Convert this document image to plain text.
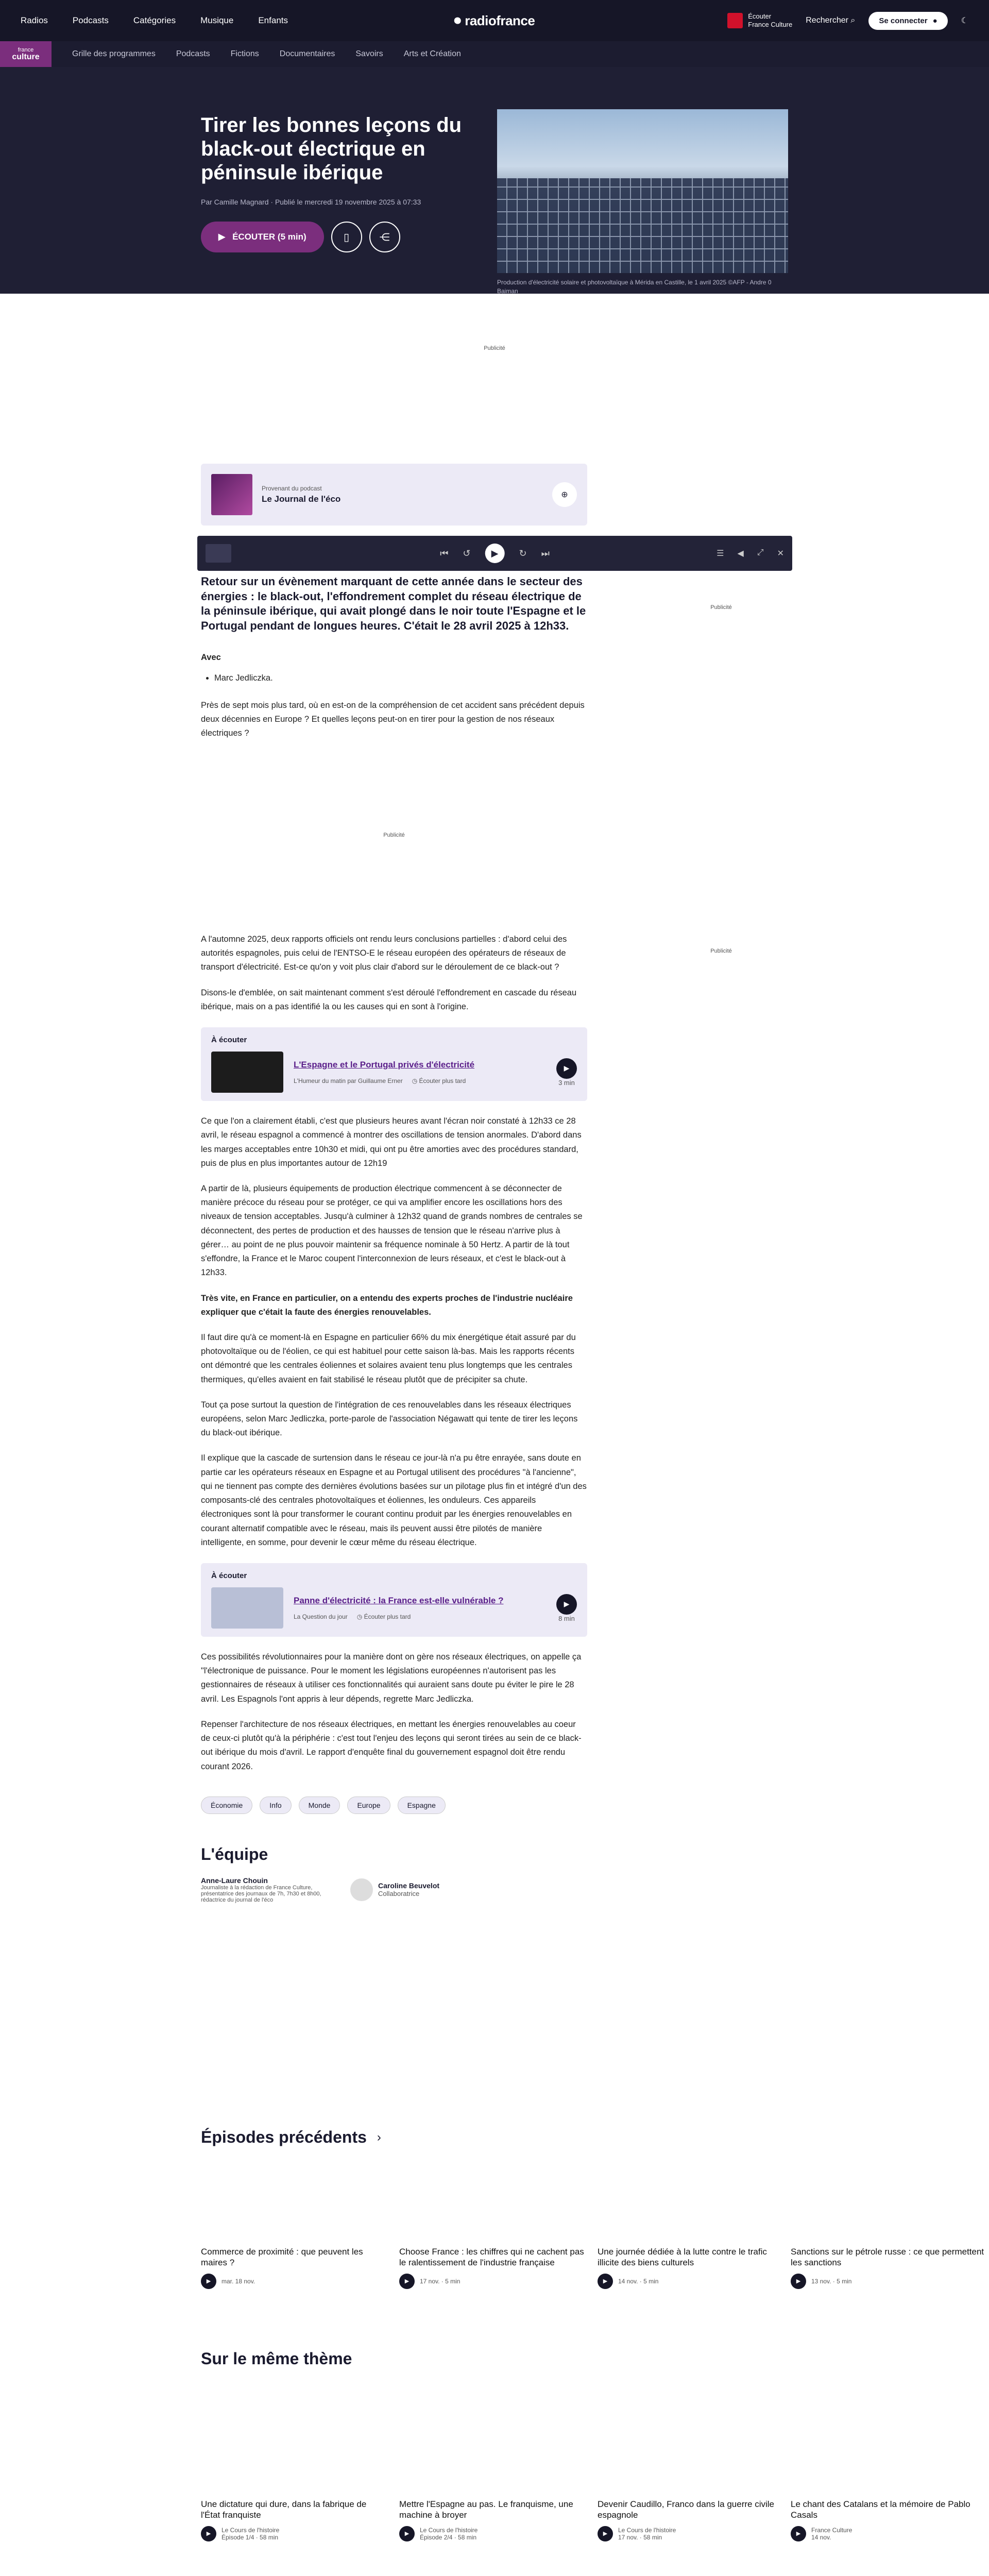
Radios	Podcasts	Catégories	Musique	Enfants	⏺ radiofrance	Écouter
France Culture Rechercher ⌕	Se connecter ●	☾
france
culture	Grille des programmes	Podcasts	Fictions	Documentaires	Savoirs	Arts et Création
Tirer les bonnes leçons du black-out électrique en péninsule ibérique
Par Camille Magnard · Publié le mercredi 19 novembre 2025 à 07:33
▶ ÉCOUTER (5 min)	▯	⋲
Production d'électricité solaire et photovoltaïque à Mérida en Castille, le 1 avril 2025 ©AFP - Andre 0 Baiman
Publicité
Provenant du podcast
Le Journal de l'éco	⊕
⏮ ↺	▶	↻ ⏭	☰ ◀ ⤢ ✕
Retour sur un évènement marquant de cette année dans le secteur des énergies : le black-out, l'effondrement complet du réseau électrique de la péninsule ibérique, qui avait plongé dans le noir toute l'Espagne et le Portugal pendant de longues heures. C'était le 28 avril 2025 à 12h33.
Avec
• Marc Jedliczka.
Près de sept mois plus tard, où en est-on de la compréhension de cet accident sans précédent depuis deux décennies en Europe ? Et quelles leçons peut-on en tirer pour la gestion de nos réseaux électriques ?
Publicité
Publicité
Publicité
A l'automne 2025, deux rapports officiels ont rendu leurs conclusions partielles : d'abord celui des autorités espagnoles, puis celui de l'ENTSO-E le réseau européen des opérateurs de réseaux de transport d'électricité. Est-ce qu'on y voit plus clair d'abord sur le déroulement de ce black-out ?
Disons-le d'emblée, on sait maintenant comment s'est déroulé l'effondrement en cascade du réseau ibérique, mais on a pas identifié la ou les causes qui en sont à l'origine.
À écouter
L'Espagne et le Portugal privés d'électricité
L'Humeur du matin par Guillaume Erner ◷ Écouter plus tard
▶
3 min
Ce que l'on a clairement établi, c'est que plusieurs heures avant l'écran noir constaté à 12h33 ce 28 avril, le réseau espagnol a commencé à montrer des oscillations de tension anormales. D'abord dans les marges acceptables entre 10h30 et midi, qui ont pu être amorties avec des procédures standard, puis de plus en plus importantes autour de 12h19
A partir de là, plusieurs équipements de production électrique commencent à se déconnecter de manière précoce du réseau pour se protéger, ce qui va amplifier encore les oscillations hors des niveaux de tension acceptables. Jusqu'à culminer à 12h32 quand de grands nombres de centrales se déconnectent, des pertes de production et des hausses de tension que le réseau n'arrive plus à gérer… au point de ne plus pouvoir maintenir sa fréquence nominale à 50 Hertz. A partir de là tout s'effondre, la France et le Maroc coupent l'interconnexion de leurs réseaux, et c'est le black-out à 12h33.
Très vite, en France en particulier, on a entendu des experts proches de l'industrie nucléaire expliquer que c'était la faute des énergies renouvelables.
Il faut dire qu'à ce moment-là en Espagne en particulier 66% du mix énergétique était assuré par du photovoltaïque ou de l'éolien, ce qui est habituel pour cette saison là-bas. Mais les rapports récents ont démontré que les centrales éoliennes et solaires avaient tenu plus longtemps que les centrales thermiques, qu'elles avaient en fait stabilisé le réseau plutôt que de précipiter sa chute.
Tout ça pose surtout la question de l'intégration de ces renouvelables dans les réseaux électriques européens, selon Marc Jedliczka, porte-parole de l'association Négawatt qui tente de tirer les leçons du black-out ibérique.
Il explique que la cascade de surtension dans le réseau ce jour-là n'a pu être enrayée, sans doute en partie car les opérateurs réseaux en Espagne et au Portugal utilisent des procédures "à l'ancienne", qui ne tiennent pas compte des dernières évolutions basées sur un pilotage plus fin et intégré d'un des composants-clé des centrales photovoltaïques et éoliennes, les onduleurs. Ces appareils électroniques sont là pour transformer le courant continu produit par les énergies renouvelables en courant alternatif compatible avec le réseau, mais ils peuvent aussi être pilotés de manière intelligente, en somme, pour devenir le cœur même du réseau électrique.
À écouter
Panne d'électricité : la France est-elle vulnérable ?
La Question du jour ◷ Écouter plus tard
▶
8 min
Ces possibilités révolutionnaires pour la manière dont on gère nos réseaux électriques, on appelle ça "l'électronique de puissance. Pour le moment les législations européennes n'autorisent pas les gestionnaires de réseaux à utiliser ces fonctionnalités qui auraient sans doute pu éviter le pire le 28 avril. Les Espagnols l'ont appris à leur dépends, regrette Marc Jedliczka.
Repenser l'architecture de nos réseaux électriques, en mettant les énergies renouvelables au coeur de ceux-ci plutôt qu'à la périphérie : c'est tout l'enjeu des leçons qui seront tirées au sein de ce black-out ibérique du mois d'avril. Le rapport d'enquête final du gouvernement espagnol doit être rendu courant 2026.
Économie	Info	Monde	Europe	Espagne
L'équipe
Anne-Laure Chouin
Journaliste à la rédaction de France Culture, présentatrice des journaux de 7h, 7h30 et 8h00, rédactrice du journal de l'éco
Caroline Beuvelot
Collaboratrice
Épisodes précédents ›
Commerce de proximité : que peuvent les maires ?
▶	mar. 18 nov.
Choose France : les chiffres qui ne cachent pas le ralentissement de l'industrie française
▶	17 nov. · 5 min
Une journée dédiée à la lutte contre le trafic illicite des biens culturels
▶	14 nov. · 5 min
Sanctions sur le pétrole russe : ce que permettent les sanctions
▶	13 nov. · 5 min
Sur le même thème
Une dictature qui dure, dans la fabrique de l'État franquiste
▶
Le Cours de l'histoire
Épisode 1/4 · 58 min
Mettre l'Espagne au pas. Le franquisme, une machine à broyer
▶
Le Cours de l'histoire
Épisode 2/4 · 58 min
Devenir Caudillo, Franco dans la guerre civile espagnole
▶
Le Cours de l'histoire
17 nov. · 58 min
Le chant des Catalans et la mémoire de Pablo Casals
▶
France Culture
14 nov.
